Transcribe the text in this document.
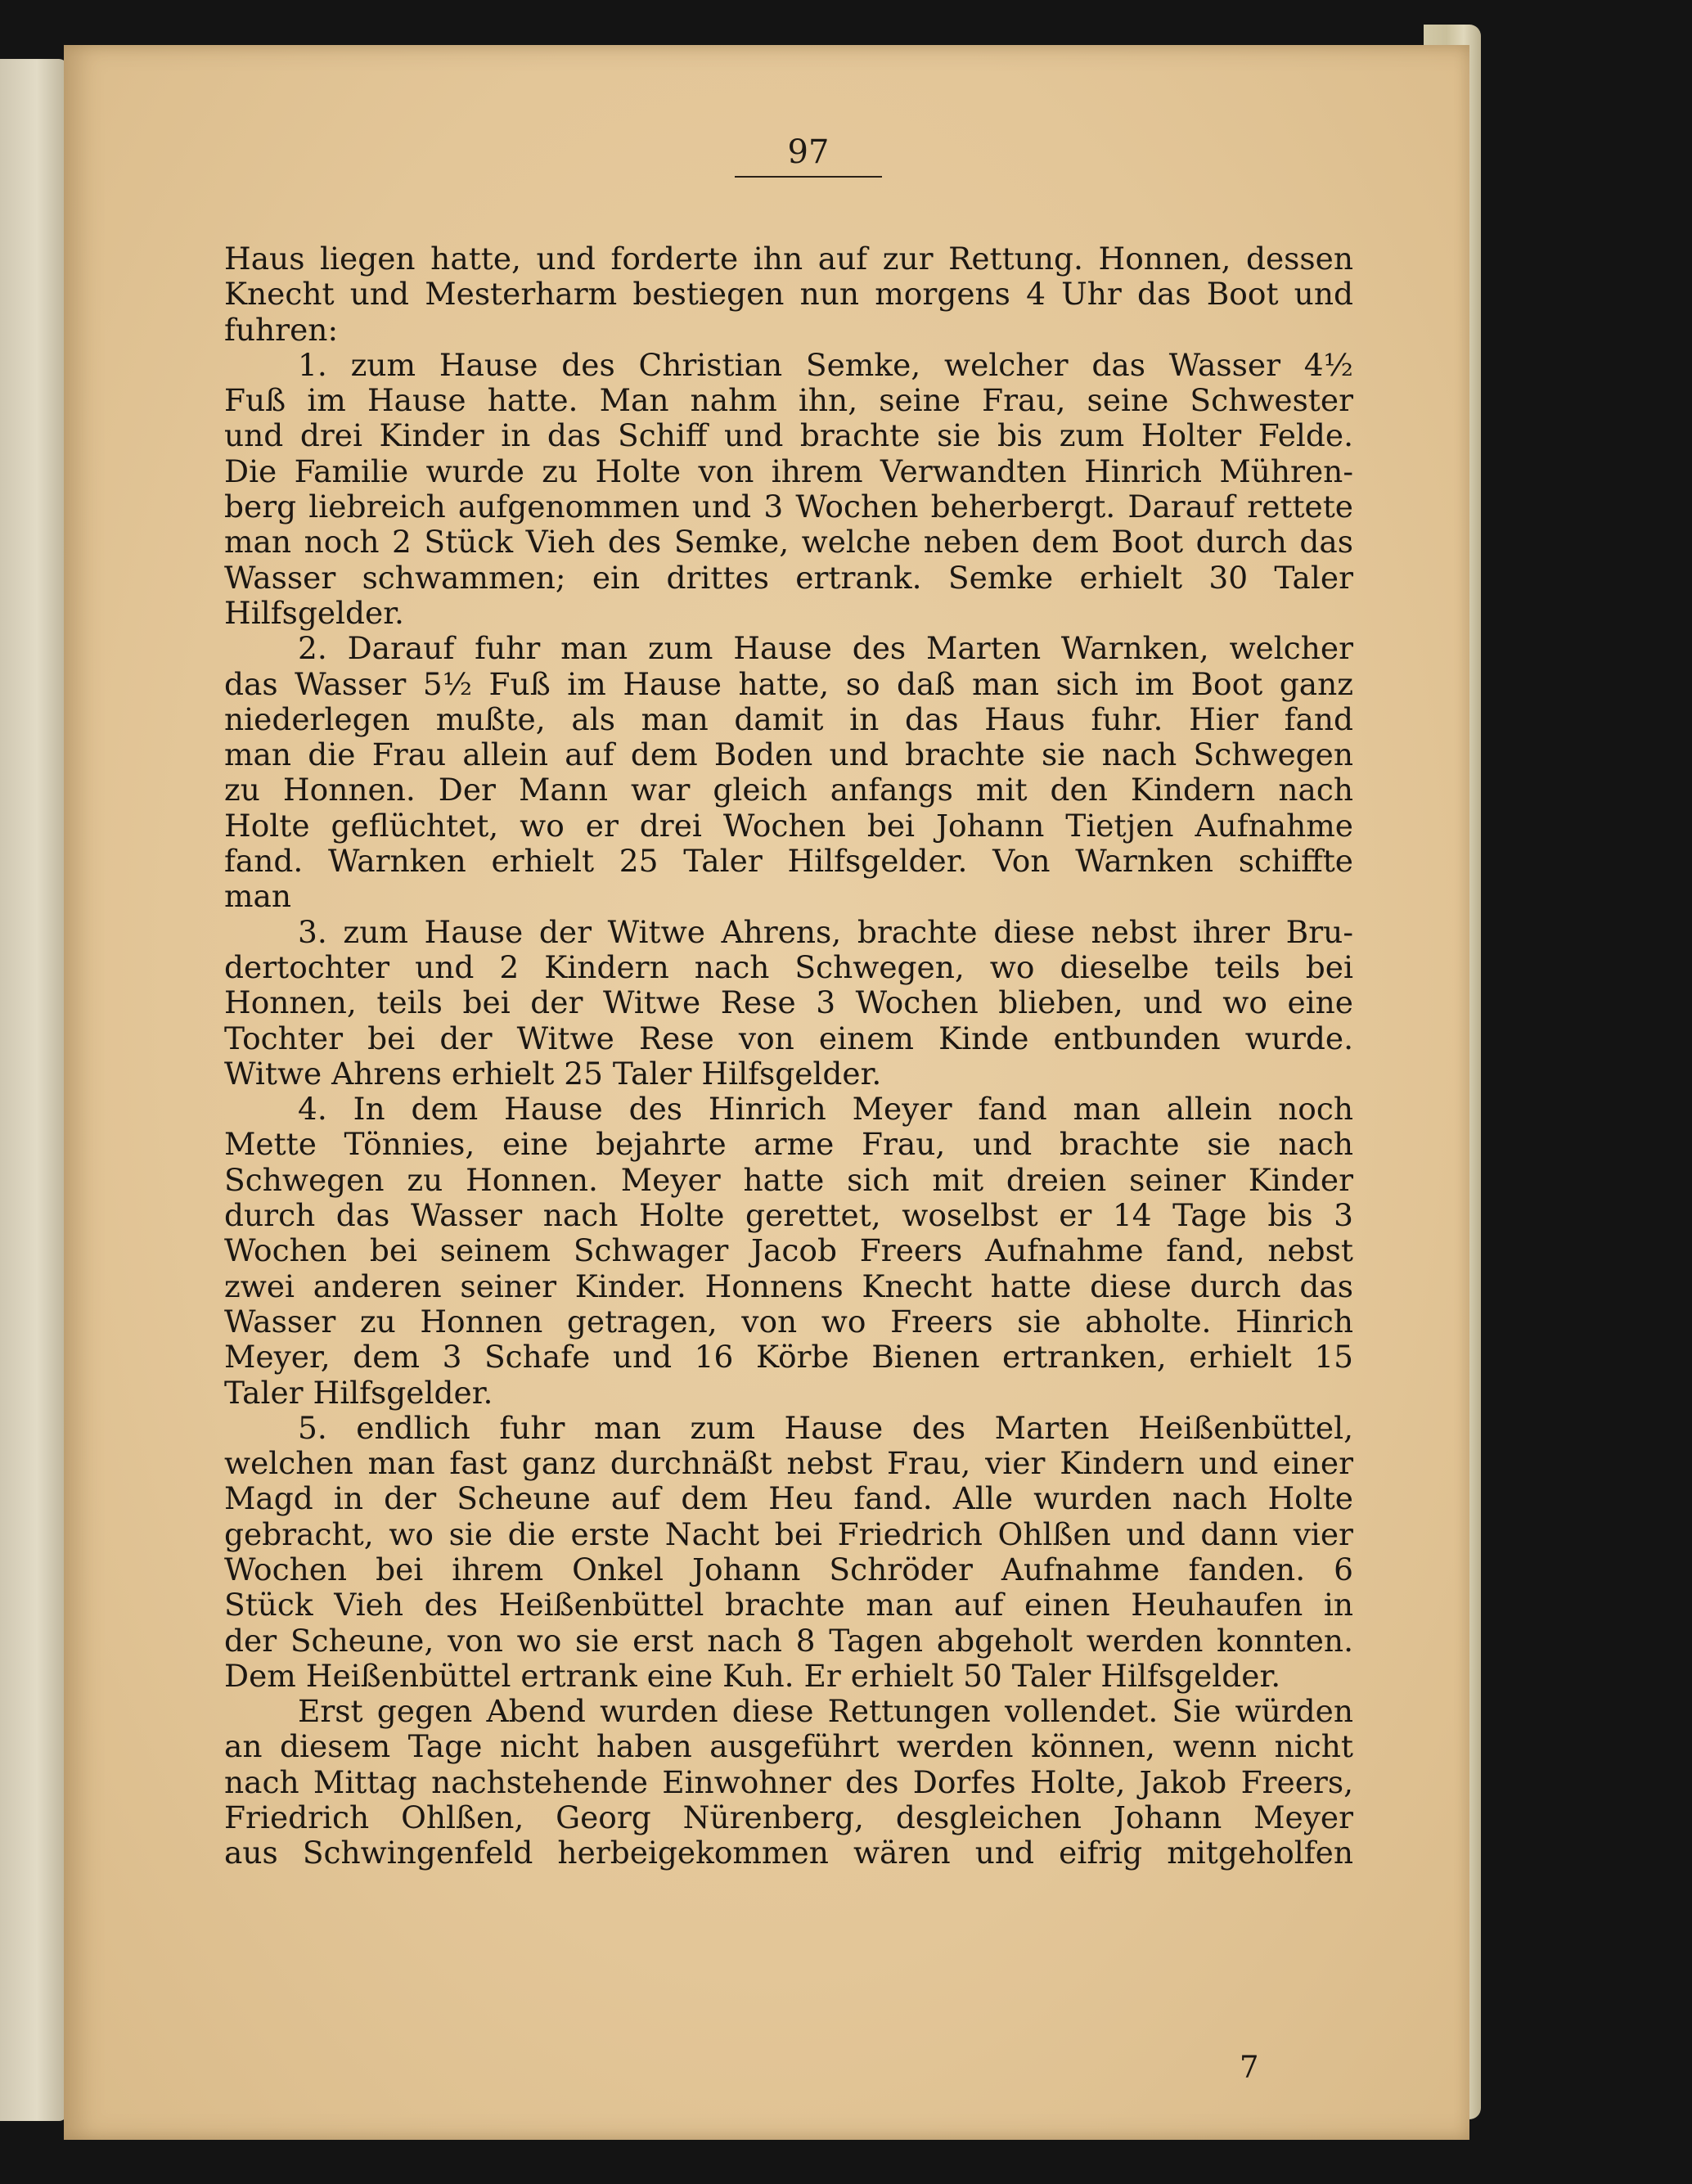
97
Haus liegen hatte, und forderte ihn auf zur Rettung. Honnen, dessen
Knecht und Mesterharm bestiegen nun morgens 4 Uhr das Boot und
fuhren:
1. zum Hause des Christian Semke, welcher das Wasser 4½
Fuß im Hause hatte. Man nahm ihn, seine Frau, seine Schwester
und drei Kinder in das Schiff und brachte sie bis zum Holter Felde.
Die Familie wurde zu Holte von ihrem Verwandten Hinrich Mühren-
berg liebreich aufgenommen und 3 Wochen beherbergt. Darauf rettete
man noch 2 Stück Vieh des Semke, welche neben dem Boot durch das
Wasser schwammen; ein drittes ertrank. Semke erhielt 30 Taler
Hilfsgelder.
2. Darauf fuhr man zum Hause des Marten Warnken, welcher
das Wasser 5½ Fuß im Hause hatte, so daß man sich im Boot ganz
niederlegen mußte, als man damit in das Haus fuhr. Hier fand
man die Frau allein auf dem Boden und brachte sie nach Schwegen
zu Honnen. Der Mann war gleich anfangs mit den Kindern nach
Holte geflüchtet, wo er drei Wochen bei Johann Tietjen Aufnahme
fand. Warnken erhielt 25 Taler Hilfsgelder. Von Warnken schiffte
man
3. zum Hause der Witwe Ahrens, brachte diese nebst ihrer Bru-
dertochter und 2 Kindern nach Schwegen, wo dieselbe teils bei
Honnen, teils bei der Witwe Rese 3 Wochen blieben, und wo eine
Tochter bei der Witwe Rese von einem Kinde entbunden wurde.
Witwe Ahrens erhielt 25 Taler Hilfsgelder.
4. In dem Hause des Hinrich Meyer fand man allein noch
Mette Tönnies, eine bejahrte arme Frau, und brachte sie nach
Schwegen zu Honnen. Meyer hatte sich mit dreien seiner Kinder
durch das Wasser nach Holte gerettet, woselbst er 14 Tage bis 3
Wochen bei seinem Schwager Jacob Freers Aufnahme fand, nebst
zwei anderen seiner Kinder. Honnens Knecht hatte diese durch das
Wasser zu Honnen getragen, von wo Freers sie abholte. Hinrich
Meyer, dem 3 Schafe und 16 Körbe Bienen ertranken, erhielt 15
Taler Hilfsgelder.
5. endlich fuhr man zum Hause des Marten Heißenbüttel,
welchen man fast ganz durchnäßt nebst Frau, vier Kindern und einer
Magd in der Scheune auf dem Heu fand. Alle wurden nach Holte
gebracht, wo sie die erste Nacht bei Friedrich Ohlßen und dann vier
Wochen bei ihrem Onkel Johann Schröder Aufnahme fanden. 6
Stück Vieh des Heißenbüttel brachte man auf einen Heuhaufen in
der Scheune, von wo sie erst nach 8 Tagen abgeholt werden konnten.
Dem Heißenbüttel ertrank eine Kuh. Er erhielt 50 Taler Hilfsgelder.
Erst gegen Abend wurden diese Rettungen vollendet. Sie würden
an diesem Tage nicht haben ausgeführt werden können, wenn nicht
nach Mittag nachstehende Einwohner des Dorfes Holte, Jakob Freers,
Friedrich Ohlßen, Georg Nürenberg, desgleichen Johann Meyer
aus Schwingenfeld herbeigekommen wären und eifrig mitgeholfen
7
